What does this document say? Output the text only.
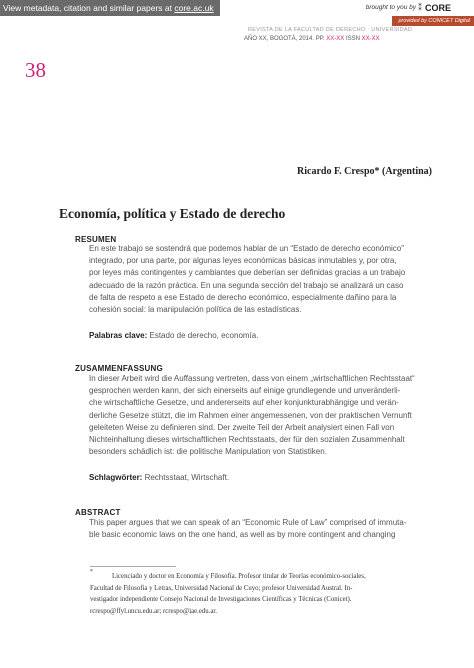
View metadata, citation and similar papers at core.ac.uk	brought to you by ⁑ CORE
provided by CONICET Digital
REVISTA DE LA FACULTAD DE DERECHO · UNIVERSIDAD
AÑO XX, BOGOTÁ, 2014. PP. XX-XX ISSN XX-XX
38
Ricardo F. Crespo* (Argentina)
Economía, política y Estado de derecho
RESUMEN
En este trabajo se sostendrá que podemos hablar de un “Estado de derecho económico”
integrado, por una parte, por algunas leyes económicas básicas inmutables y, por otra,
por leyes más contingentes y cambiantes que deberían ser definidas gracias a un trabajo
adecuado de la razón práctica. En una segunda sección del trabajo se analizará un caso
de falta de respeto a ese Estado de derecho económico, especialmente dañino para la
cohesión social: la manipulación política de las estadísticas.
Palabras clave: Estado de derecho, economía.
ZUSAMMENFASSUNG
In dieser Arbeit wird die Auffassung vertreten, dass von einem „wirtschaftlichen Rechtsstaat“
gesprochen werden kann, der sich einerseits auf einige grundlegende und unveränderli-
che wirtschaftliche Gesetze, und andererseits auf eher konjunkturabhängige und verän-
derliche Gesetze stützt, die im Rahmen einer angemessenen, von der praktischen Vernunft
geleiteten Weise zu definieren sind. Der zweite Teil der Arbeit analysiert einen Fall von
Nichteinhaltung dieses wirtschaftlichen Rechtsstaats, der für den sozialen Zusammenhalt
besonders schädlich ist: die politische Manipulation von Statistiken.
Schlagwörter: Rechtsstaat, Wirtschaft.
ABSTRACT
This paper argues that we can speak of an “Economic Rule of Law” comprised of immuta-
ble basic economic laws on the one hand, as well as by more contingent and changing
*
Licenciado y doctor en Economía y Filosofía. Profesor titular de Teorías económico-sociales,
Facultad de Filosofía y Letras, Universidad Nacional de Cuyo; profesor Universidad Austral. In-
vestigador independiente Consejo Nacional de Investigaciones Científicas y Técnicas (Conicet).
rcrespo@ffyl.uncu.edu.ar; rcrespo@iae.edu.ar.
